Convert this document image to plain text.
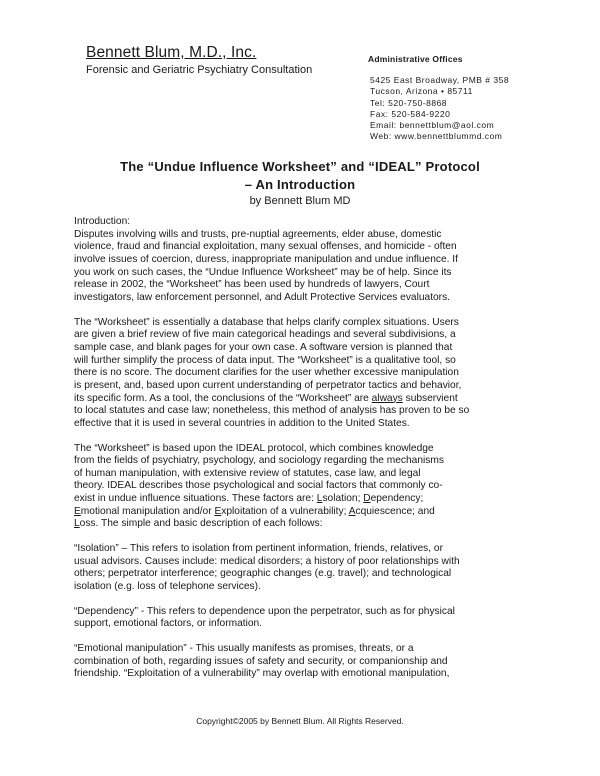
Bennett Blum, M.D., Inc.
Forensic and Geriatric Psychiatry Consultation
Administrative Offices
5425 East Broadway, PMB # 358
Tucson, Arizona • 85711
Tel: 520-750-8868
Fax: 520-584-9220
Email: bennettblum@aol.com
Web: www.bennettblummd.com
The “Undue Influence Worksheet” and “IDEAL” Protocol
– An Introduction
by Bennett Blum MD

Introduction:
Disputes involving wills and trusts, pre-nuptial agreements, elder abuse, domestic
violence, fraud and financial exploitation, many sexual offenses, and homicide - often
involve issues of coercion, duress, inappropriate manipulation and undue influence. If
you work on such cases, the “Undue Influence Worksheet” may be of help. Since its
release in 2002, the “Worksheet” has been used by hundreds of lawyers, Court
investigators, law enforcement personnel, and Adult Protective Services evaluators.

The “Worksheet” is essentially a database that helps clarify complex situations. Users
are given a brief review of five main categorical headings and several subdivisions, a
sample case, and blank pages for your own case. A software version is planned that
will further simplify the process of data input. The “Worksheet” is a qualitative tool, so
there is no score. The document clarifies for the user whether excessive manipulation
is present, and, based upon current understanding of perpetrator tactics and behavior,
its specific form. As a tool, the conclusions of the “Worksheet” are always subservient
to local statutes and case law; nonetheless, this method of analysis has proven to be so
effective that it is used in several countries in addition to the United States.

The “Worksheet” is based upon the IDEAL protocol, which combines knowledge
from the fields of psychiatry, psychology, and sociology regarding the mechanisms
of human manipulation, with extensive review of statutes, case law, and legal
theory. IDEAL describes those psychological and social factors that commonly co-
exist in undue influence situations. These factors are: Lsolation; Dependency;
Emotional manipulation and/or Exploitation of a vulnerability; Acquiescence; and
Loss. The simple and basic description of each follows:

“Isolation” – This refers to isolation from pertinent information, friends, relatives, or
usual advisors. Causes include: medical disorders; a history of poor relationships with
others; perpetrator interference; geographic changes (e.g. travel); and technological
isolation (e.g. loss of telephone services).

“Dependency” - This refers to dependence upon the perpetrator, such as for physical
support, emotional factors, or information.

“Emotional manipulation” - This usually manifests as promises, threats, or a
combination of both, regarding issues of safety and security, or companionship and
friendship. “Exploitation of a vulnerability” may overlap with emotional manipulation,

Copyright©2005 by Bennett Blum. All Rights Reserved.
